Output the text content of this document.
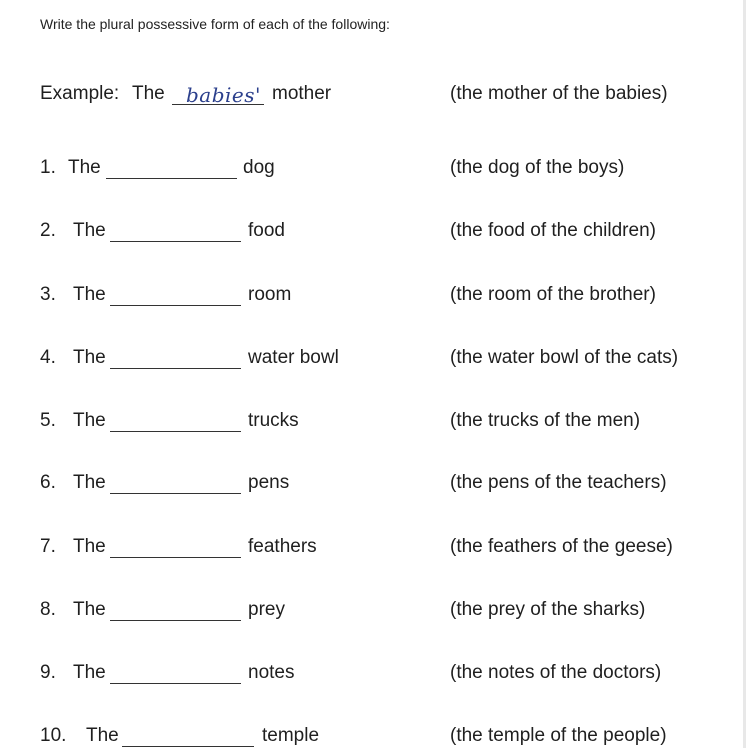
Write the plural possessive form of each of the following:
Example: The babies' mother	(the mother of the babies)
1. The	dog	(the dog of the boys)
2. The	food	(the food of the children)
3. The	room	(the room of the brother)
4. The	water bowl	(the water bowl of the cats)
5. The	trucks	(the trucks of the men)
6. The	pens	(the pens of the teachers)
7. The	feathers	(the feathers of the geese)
8. The	prey	(the prey of the sharks)
9. The	notes	(the notes of the doctors)
10. The	temple	(the temple of the people)
